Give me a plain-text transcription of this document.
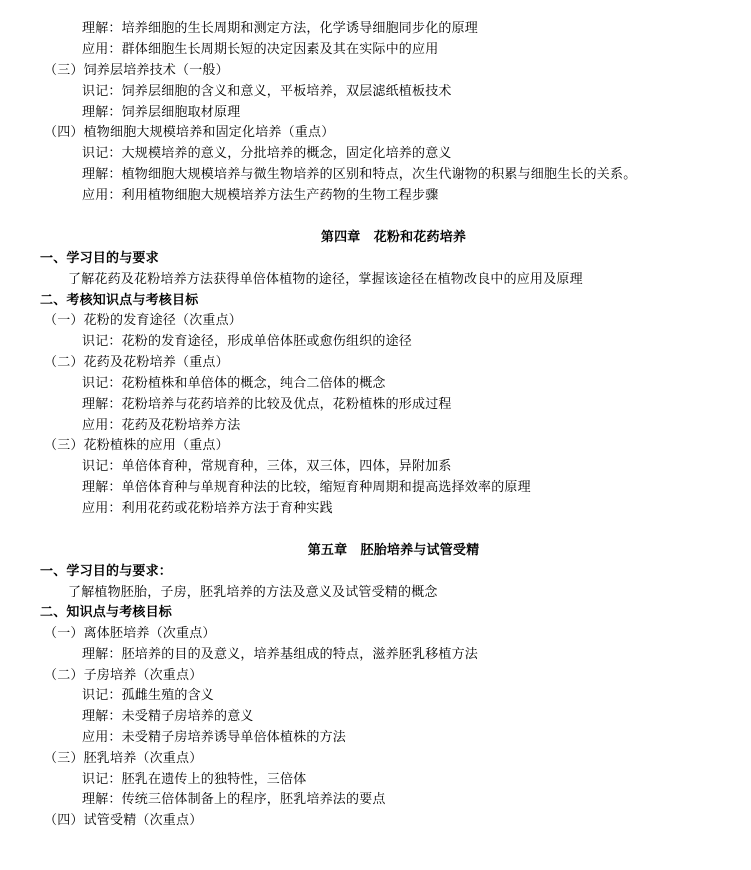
理解：培养细胞的生长周期和测定方法，化学诱导细胞同步化的原理
应用：群体细胞生长周期长短的决定因素及其在实际中的应用
（三）饲养层培养技术（一般）
识记：饲养层细胞的含义和意义，平板培养，双层滤纸植板技术
理解：饲养层细胞取材原理
（四）植物细胞大规模培养和固定化培养（重点）
识记：大规模培养的意义，分批培养的概念，固定化培养的意义
理解：植物细胞大规模培养与微生物培养的区别和特点，次生代谢物的积累与细胞生长的关系。
应用：利用植物细胞大规模培养方法生产药物的生物工程步骤
第四章　花粉和花药培养
一、学习目的与要求
了解花药及花粉培养方法获得单倍体植物的途径，掌握该途径在植物改良中的应用及原理
二、考核知识点与考核目标
（一）花粉的发育途径（次重点）
识记：花粉的发育途径，形成单倍体胚或愈伤组织的途径
（二）花药及花粉培养（重点）
识记：花粉植株和单倍体的概念，纯合二倍体的概念
理解：花粉培养与花药培养的比较及优点，花粉植株的形成过程
应用：花药及花粉培养方法
（三）花粉植株的应用（重点）
识记：单倍体育种，常规育种，三体，双三体，四体，异附加系
理解：单倍体育种与单规育种法的比较，缩短育种周期和提高选择效率的原理
应用：利用花药或花粉培养方法于育种实践
第五章　胚胎培养与试管受精
一、学习目的与要求：
了解植物胚胎，子房，胚乳培养的方法及意义及试管受精的概念
二、知识点与考核目标
（一）离体胚培养（次重点）
理解：胚培养的目的及意义，培养基组成的特点，滋养胚乳移植方法
（二）子房培养（次重点）
识记：孤雌生殖的含义
理解：未受精子房培养的意义
应用：未受精子房培养诱导单倍体植株的方法
（三）胚乳培养（次重点）
识记：胚乳在遗传上的独特性，三倍体
理解：传统三倍体制备上的程序，胚乳培养法的要点
（四）试管受精（次重点）
